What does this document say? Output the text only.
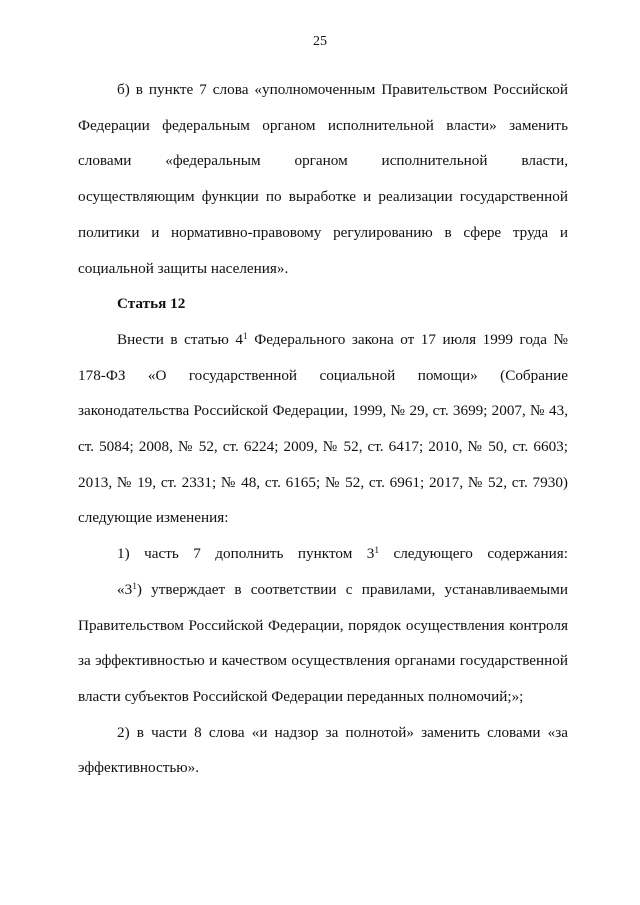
25

б) в пункте 7 слова «уполномоченным Правительством Российской Федерации федеральным органом исполнительной власти» заменить словами «федеральным органом исполнительной власти, осуществляющим функции по выработке и реализации государственной политики и нормативно-правовому регулированию в сфере труда и социальной защиты населения».

Статья 12

Внести в статью $4^1$ Федерального закона от 17 июля 1999 года № 178-ФЗ «О государственной социальной помощи» (Собрание законодательства Российской Федерации, 1999, № 29, ст. 3699; 2007, № 43, ст. 5084; 2008, № 52, ст. 6224; 2009, № 52, ст. 6417; 2010, № 50, ст. 6603; 2013, № 19, ст. 2331; № 48, ст. 6165; № 52, ст. 6961; 2017, № 52, ст. 7930) следующие изменения:

1) часть 7 дополнить пунктом $3^1$ следующего содержания:

«$3^1$) утверждает в соответствии с правилами, устанавливаемыми Правительством Российской Федерации, порядок осуществления контроля за эффективностью и качеством осуществления органами государственной власти субъектов Российской Федерации переданных полномочий;»;

2) в части 8 слова «и надзор за полнотой» заменить словами «за эффективностью».
